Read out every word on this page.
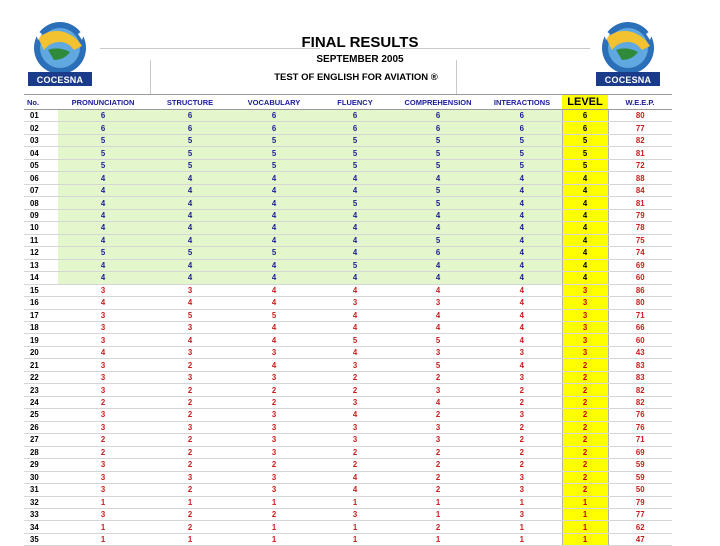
COCESNA	COCESNA
FINAL RESULTS
SEPTEMBER 2005
TEST OF ENGLISH FOR AVIATION ®
No.	PRONUNCIATION	STRUCTURE	VOCABULARY	FLUENCY	COMPREHENSION	INTERACTIONS	LEVEL	W.E.E.P.
01	6	6	6	6	6	6	6	80
02	6	6	6	6	6	6	6	77
03	5	5	5	5	5	5	5	82
04	5	5	5	5	5	5	5	81
05	5	5	5	5	5	5	5	72
06	4	4	4	4	4	4	4	88
07	4	4	4	4	5	4	4	84
08	4	4	4	5	5	4	4	81
09	4	4	4	4	4	4	4	79
10	4	4	4	4	4	4	4	78
11	4	4	4	4	5	4	4	75
12	5	5	5	4	6	4	4	74
13	4	4	4	5	4	4	4	69
14	4	4	4	4	4	4	4	60
15	3	3	4	4	4	4	3	86
16	4	4	4	3	3	4	3	80
17	3	5	5	4	4	4	3	71
18	3	3	4	4	4	4	3	66
19	3	4	4	5	5	4	3	60
20	4	3	3	4	3	3	3	43
21	3	2	4	3	5	4	2	83
22	3	3	3	2	2	3	2	83
23	3	2	2	2	3	2	2	82
24	2	2	2	3	4	2	2	82
25	3	2	3	4	2	3	2	76
26	3	3	3	3	3	2	2	76
27	2	2	3	3	3	2	2	71
28	2	2	3	2	2	2	2	69
29	3	2	2	2	2	2	2	59
30	3	3	3	4	2	3	2	59
31	3	2	3	4	2	3	2	50
32	1	1	1	1	1	1	1	79
33	3	2	2	3	1	3	1	77
34	1	2	1	1	2	1	1	62
35	1	1	1	1	1	1	1	47
